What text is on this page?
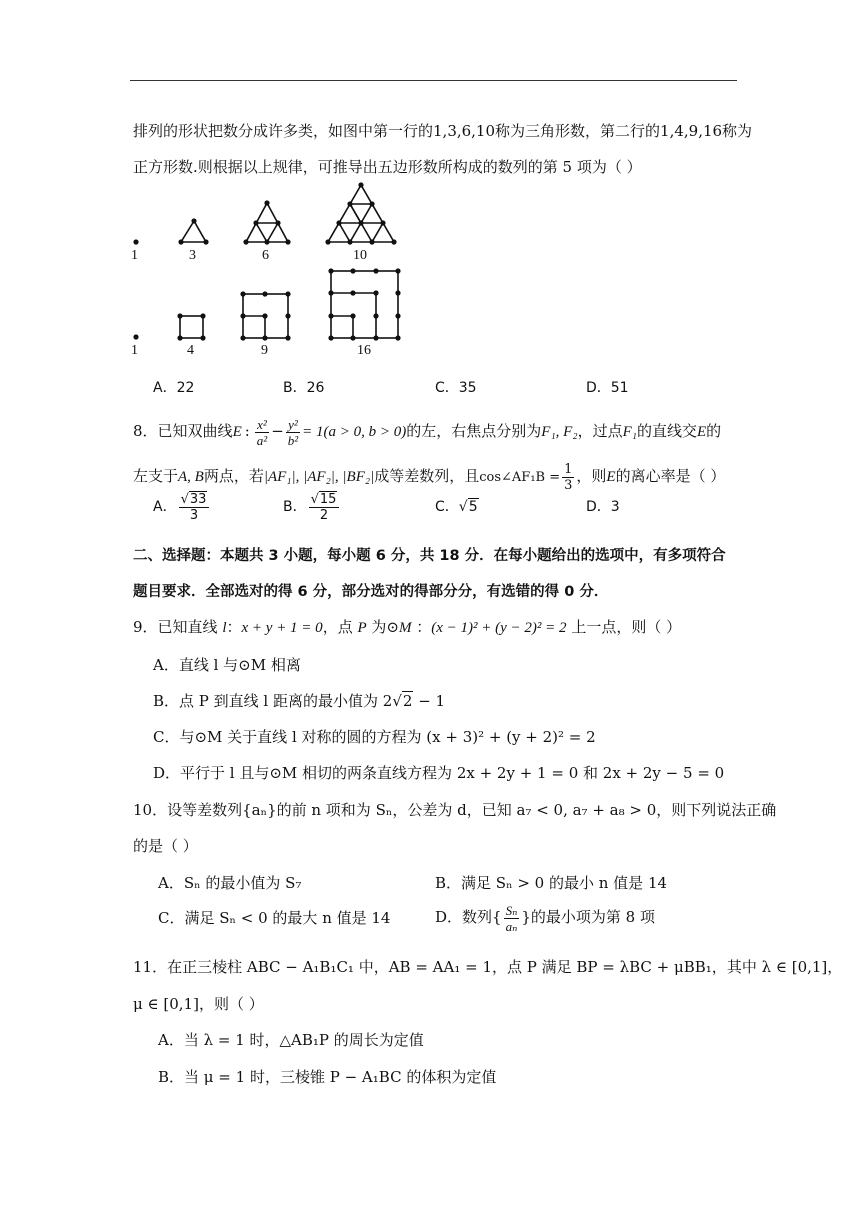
排列的形状把数分成许多类，如图中第一行的1,3,6,10称为三角形数，第二行的1,4,9,16称为
正方形数.则根据以上规律，可推导出五边形数所构成的数列的第 5 项为（ ）
1	3	6	10
1	4	9	16
A．22	B．26	C．35	D．51
8．已知双曲线E :  $\frac{\text{x²}}{\text{a²}} - \frac{\text{y²}}{\text{b²}} = 1(a > 0$, b > 0)的左，右焦点分别为F₁, F₂，过点F₁的直线交E的
左支于A, B两点，若|AF₁|, |AF₂|, |BF₂|成等差数列，且cos∠AF₁B = $\frac{1}{3}$ ，则E的离心率是（ ）
A． $\frac{√33}{3}$	B． $\frac{√15}{2}$	C．√5	D．3
二、选择题：本题共 3 小题，每小题 6 分，共 18 分．在每小题给出的选项中，有多项符合
题目要求．全部选对的得 6 分，部分选对的得部分分，有选错的得 0 分．
9．已知直线 l：x + y + 1 = 0，点 P 为⊙M ：(x − 1)² + (y − 2)² = 2 上一点，则（ ）
A．直线 l 与⊙M 相离
B．点 P 到直线 l 距离的最小值为 2√2 − 1
C．与⊙M 关于直线 l 对称的圆的方程为 (x + 3)² + (y + 2)² = 2
D．平行于 l 且与⊙M 相切的两条直线方程为 2x + 2y + 1 = 0 和 2x + 2y − 5 = 0
10．设等差数列{aₙ}的前 n 项和为 Sₙ，公差为 d，已知 a₇ < 0, a₇ + a₈ > 0，则下列说法正确
的是（ ）
A．Sₙ 的最小值为 S₇	B．满足 Sₙ > 0 的最小 n 值是 14
C．满足 Sₙ < 0 的最大 n 值是 14	D．数列{ $\frac{\text{Sₙ}}{\text{aₙ}}$ }的最小项为第 8 项
11．在正三棱柱 ABC − A₁B₁C₁ 中，AB = AA₁ = 1，点 P 满足 BP = λBC + μBB₁，其中 λ ∈ [0,1]，
μ ∈ [0,1]，则（ ）
A．当 λ = 1 时，△AB₁P 的周长为定值
B．当 μ = 1 时，三棱锥 P − A₁BC 的体积为定值
